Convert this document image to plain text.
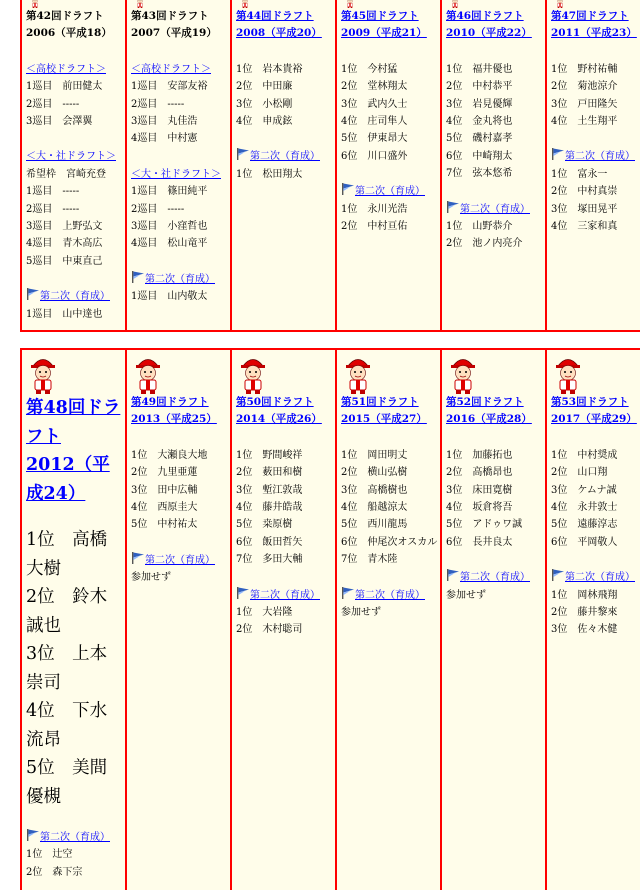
第42回ドラフト
2006（平成18）
＜高校ドラフト＞
1巡目　前田健太
2巡目　-----
3巡目　会澤翼
＜大・社ドラフト＞
希望枠　宮崎充登
1巡目　-----
2巡目　-----
3巡目　上野弘文
4巡目　青木高広
5巡目　中東直己
第二次（育成）
1巡目　山中達也
第43回ドラフト
2007（平成19）
＜高校ドラフト＞
1巡目　安部友裕
2巡目　-----
3巡目　丸佳浩
4巡目　中村憲
＜大・社ドラフト＞
1巡目　篠田純平
2巡目　-----
3巡目　小窪哲也
4巡目　松山竜平
第二次（育成）
1巡目　山内敬太
第44回ドラフト
2008（平成20）
1位　岩本貴裕
2位　中田廉
3位　小松剛
4位　申成鉉
第二次（育成）
1位　松田翔太
第45回ドラフト
2009（平成21）
1位　今村猛
2位　堂林翔太
3位　武内久士
4位　庄司隼人
5位　伊東昂大
6位　川口盛外
第二次（育成）
1位　永川光浩
2位　中村亘佑
第46回ドラフト
2010（平成22）
1位　福井優也
2位　中村恭平
3位　岩見優輝
4位　金丸将也
5位　磯村嘉孝
6位　中崎翔太
7位　弦本悠希
第二次（育成）
1位　山野恭介
2位　池ノ内亮介
第47回ドラフト
2011（平成23）
1位　野村祐輔
2位　菊池涼介
3位　戸田隆矢
4位　土生翔平
第二次（育成）
1位　富永一
2位　中村真崇
3位　塚田晃平
4位　三家和真
第48回ドラフト
2012（平成24）
1位　高橋大樹
2位　鈴木誠也
3位　上本崇司
4位　下水流昂
5位　美間優槻
第二次（育成）
1位　辻空
2位　森下宗
第49回ドラフト
2013（平成25）
1位　大瀬良大地
2位　九里亜蓮
3位　田中広輔
4位　西原圭大
5位　中村祐太
第二次（育成）
参加せず
第50回ドラフト
2014（平成26）
1位　野間峻祥
2位　薮田和樹
3位　塹江敦哉
4位　藤井皓哉
5位　桒原樹
6位　飯田哲矢
7位　多田大輔
第二次（育成）
1位　大岩隆
2位　木村聡司
第51回ドラフト
2015（平成27）
1位　岡田明丈
2位　横山弘樹
3位　高橋樹也
4位　船越涼太
5位　西川龍馬
6位　仲尾次オスカル
7位　青木陸
第二次（育成）
参加せず
第52回ドラフト
2016（平成28）
1位　加藤拓也
2位　高橋昂也
3位　床田寛樹
4位　坂倉将吾
5位　アドゥワ誠
6位　長井良太
第二次（育成）
参加せず
第53回ドラフト
2017（平成29）
1位　中村奨成
2位　山口翔
3位　ケムナ誠
4位　永井敦士
5位　遠藤淳志
6位　平岡敬人
第二次（育成）
1位　岡林飛翔
2位　藤井黎來
3位　佐々木健
